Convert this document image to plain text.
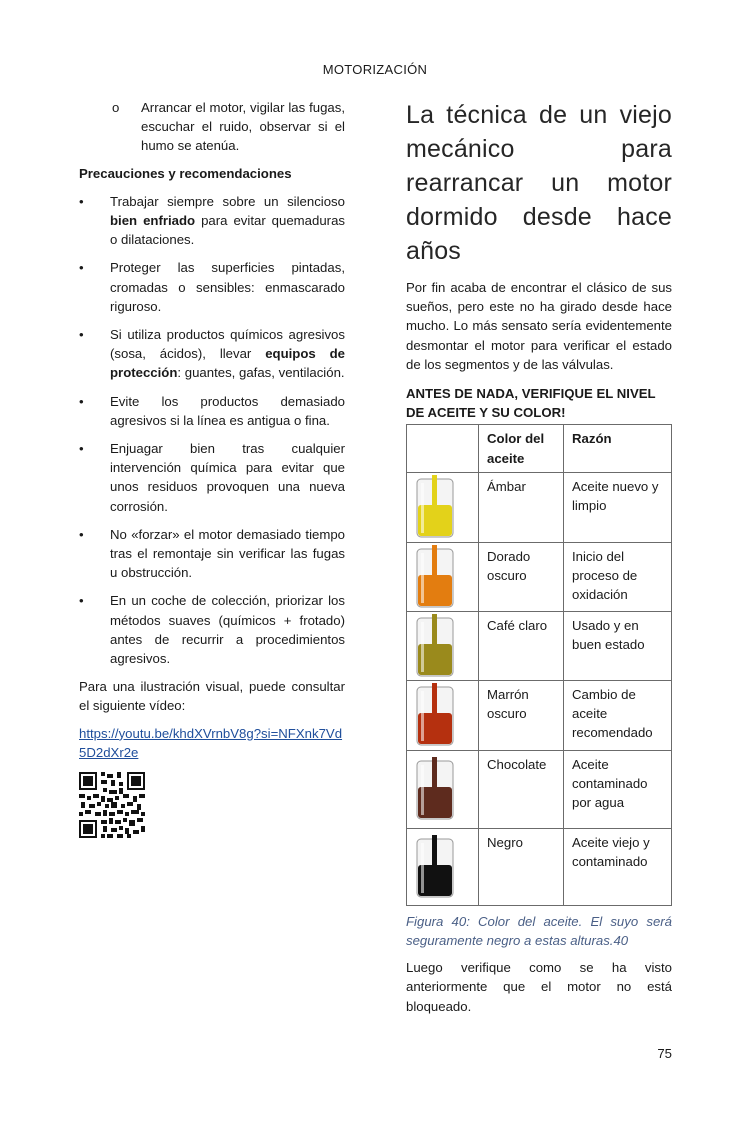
MOTORIZACIÓN
o Arrancar el motor, vigilar las fugas, escuchar el ruido, observar si el humo se atenúa.
Precauciones y recomendaciones
• Trabajar siempre sobre un silencioso bien enfriado para evitar quemaduras o dilataciones.
• Proteger las superficies pintadas, cromadas o sensibles: enmascarado riguroso.
• Si utiliza productos químicos agresivos (sosa, ácidos), llevar equipos de protección: guantes, gafas, ventilación.
• Evite los productos demasiado agresivos si la línea es antigua o fina.
• Enjuagar bien tras cualquier intervención química para evitar que unos residuos provoquen una nueva corrosión.
• No «forzar» el motor demasiado tiempo tras el remontaje sin verificar las fugas u obstrucción.
• En un coche de colección, priorizar los métodos suaves (químicos + frotado) antes de recurrir a procedimientos agresivos.

Para una ilustración visual, puede consultar el siguiente vídeo:

https://youtu.be/khdXVrnbV8g?si=NFXnk7Vd5D2dXr2e
La técnica de un viejo mecánico para rearrancar un motor dormido desde hace años

Por fin acaba de encontrar el clásico de sus sueños, pero este no ha girado desde hace mucho. Lo más sensato sería evidentemente desmontar el motor para verificar el estado de los segmentos y de las válvulas.

ANTES DE NADA, VERIFIQUE EL NIVEL DE ACEITE Y SU COLOR!

	Color del aceite	Razón

	Ámbar	Aceite nuevo y limpio

	Dorado oscuro	Inicio del proceso de oxidación

	Café claro	Usado y en buen estado

	Marrón oscuro	Cambio de aceite recomendado

	Chocolate	Aceite contaminado por agua

	Negro	Aceite viejo y contaminado
Figura 40: Color del aceite. El suyo será seguramente negro a estas alturas.40
Luego verifique como se ha visto anteriormente que el motor no está bloqueado.
75
